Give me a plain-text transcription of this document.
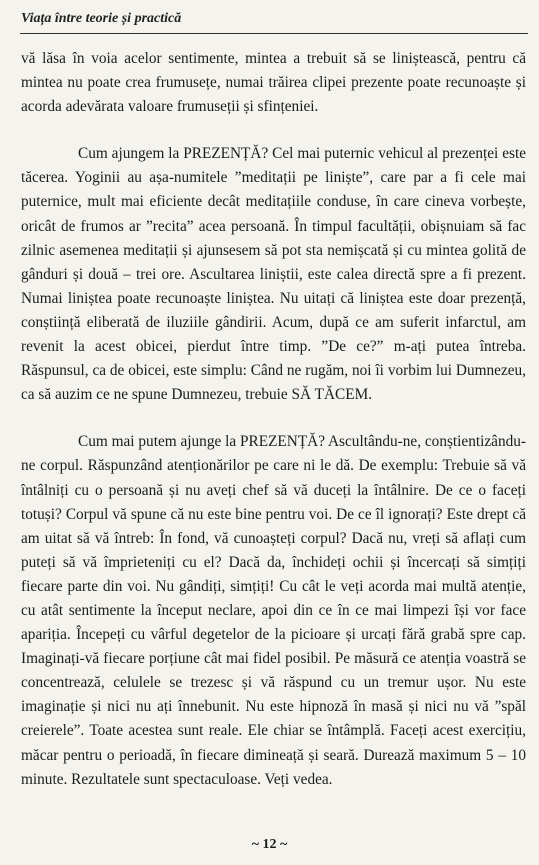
Viața între teorie și practică

vă lăsa în voia acelor sentimente, mintea a trebuit să se liniștească, pentru că mintea nu poate crea frumusețe, numai trăirea clipei prezente poate recunoaște și acorda adevărata valoare frumuseții și sfințeniei.

Cum ajungem la PREZENȚĂ? Cel mai puternic vehicul al prezenței este tăcerea. Yoginii au așa-numitele ”meditații pe liniște”, care par a fi cele mai puternice, mult mai eficiente decât meditațiile conduse, în care cineva vorbește, oricât de frumos ar ”recita” acea persoană. În timpul facultății, obișnuiam să fac zilnic asemenea meditații și ajunsesem să pot sta nemișcată și cu mintea golită de gânduri și două – trei ore. Ascultarea liniștii, este calea directă spre a fi prezent. Numai liniștea poate recunoaște liniștea. Nu uitați că liniștea este doar prezență, conștiință eliberată de iluziile gândirii. Acum, după ce am suferit infarctul, am revenit la acest obicei, pierdut între timp. ”De ce?” m-ați putea întreba. Răspunsul, ca de obicei, este simplu: Când ne rugăm, noi îi vorbim lui Dumnezeu, ca să auzim ce ne spune Dumnezeu, trebuie SĂ TĂCEM.

Cum mai putem ajunge la PREZENȚĂ? Ascultându-ne, conștientizându-ne corpul. Răspunzând atenționărilor pe care ni le dă. De exemplu: Trebuie să vă întâlniți cu o persoană și nu aveți chef să vă duceți la întâlnire. De ce o faceți totuși? Corpul vă spune că nu este bine pentru voi. De ce îl ignorați? Este drept că am uitat să vă întreb: În fond, vă cunoașteți corpul? Dacă nu, vreți să aflați cum puteți să vă împrieteniți cu el? Dacă da, închideți ochii și încercați să simțiți fiecare parte din voi. Nu gândiți, simțiți! Cu cât le veți acorda mai multă atenție, cu atât sentimente la început neclare, apoi din ce în ce mai limpezi își vor face apariția. Începeți cu vârful degetelor de la picioare și urcați fără grabă spre cap. Imaginați-vă fiecare porțiune cât mai fidel posibil. Pe măsură ce atenția voastră se concentrează, celulele se trezesc și vă răspund cu un tremur ușor. Nu este imaginație și nici nu ați înnebunit. Nu este hipnoză în masă și nici nu vă ”spăl creierele”. Toate acestea sunt reale. Ele chiar se întâmplă. Faceți acest exercițiu, măcar pentru o perioadă, în fiecare dimineață și seară. Durează maximum 5 – 10 minute. Rezultatele sunt spectaculoase. Veți vedea.

~ 12 ~
